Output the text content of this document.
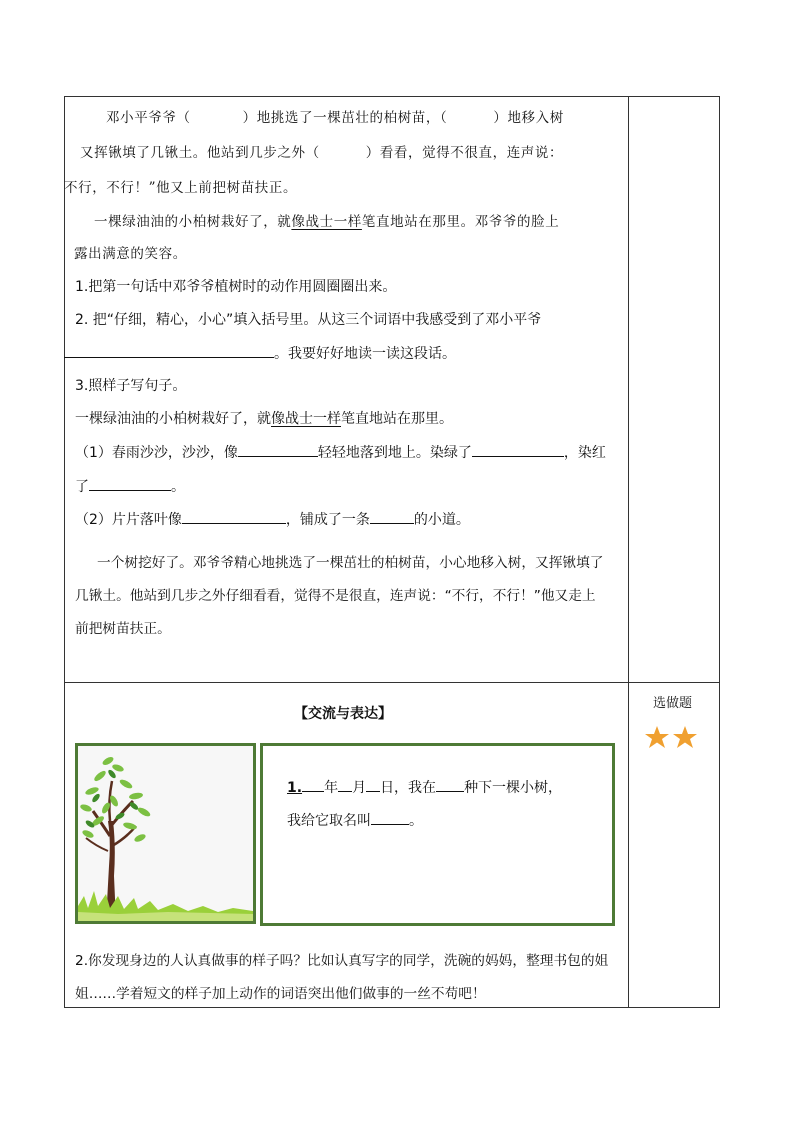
邓小平爷爷（	）地挑选了一棵茁壮的柏树苗，（	）地移入树
又挥锹填了几锹土。他站到几步之外（	）看看，觉得不很直，连声说：
不行，不行！”他又上前把树苗扶正。
一棵绿油油的小柏树栽好了，就像战士一样笔直地站在那里。邓爷爷的脸上
露出满意的笑容。
1.把第一句话中邓爷爷植树时的动作用圆圈圈出来。
2. 把“仔细，精心，小心”填入括号里。从这三个词语中我感受到了邓小平爷
。我要好好地读一读这段话。
3.照样子写句子。
一棵绿油油的小柏树栽好了，就像战士一样笔直地站在那里。
（1）春雨沙沙，沙沙，像	轻轻地落到地上。染绿了	，染红
了	。
（2）片片落叶像	，铺成了一条	的小道。
一个树挖好了。邓爷爷精心地挑选了一棵茁壮的柏树苗，小心地移入树，又挥锹填了
几锹土。他站到几步之外仔细看看，觉得不是很直，连声说：“不行，不行！”他又走上
前把树苗扶正。
【交流与表达】
选做题
1. 年 月 日，我在 种下一棵小树，
我给它取名叫	。
2.你发现身边的人认真做事的样子吗？比如认真写字的同学，洗碗的妈妈，整理书包的姐
姐……学着短文的样子加上动作的词语突出他们做事的一丝不苟吧！
